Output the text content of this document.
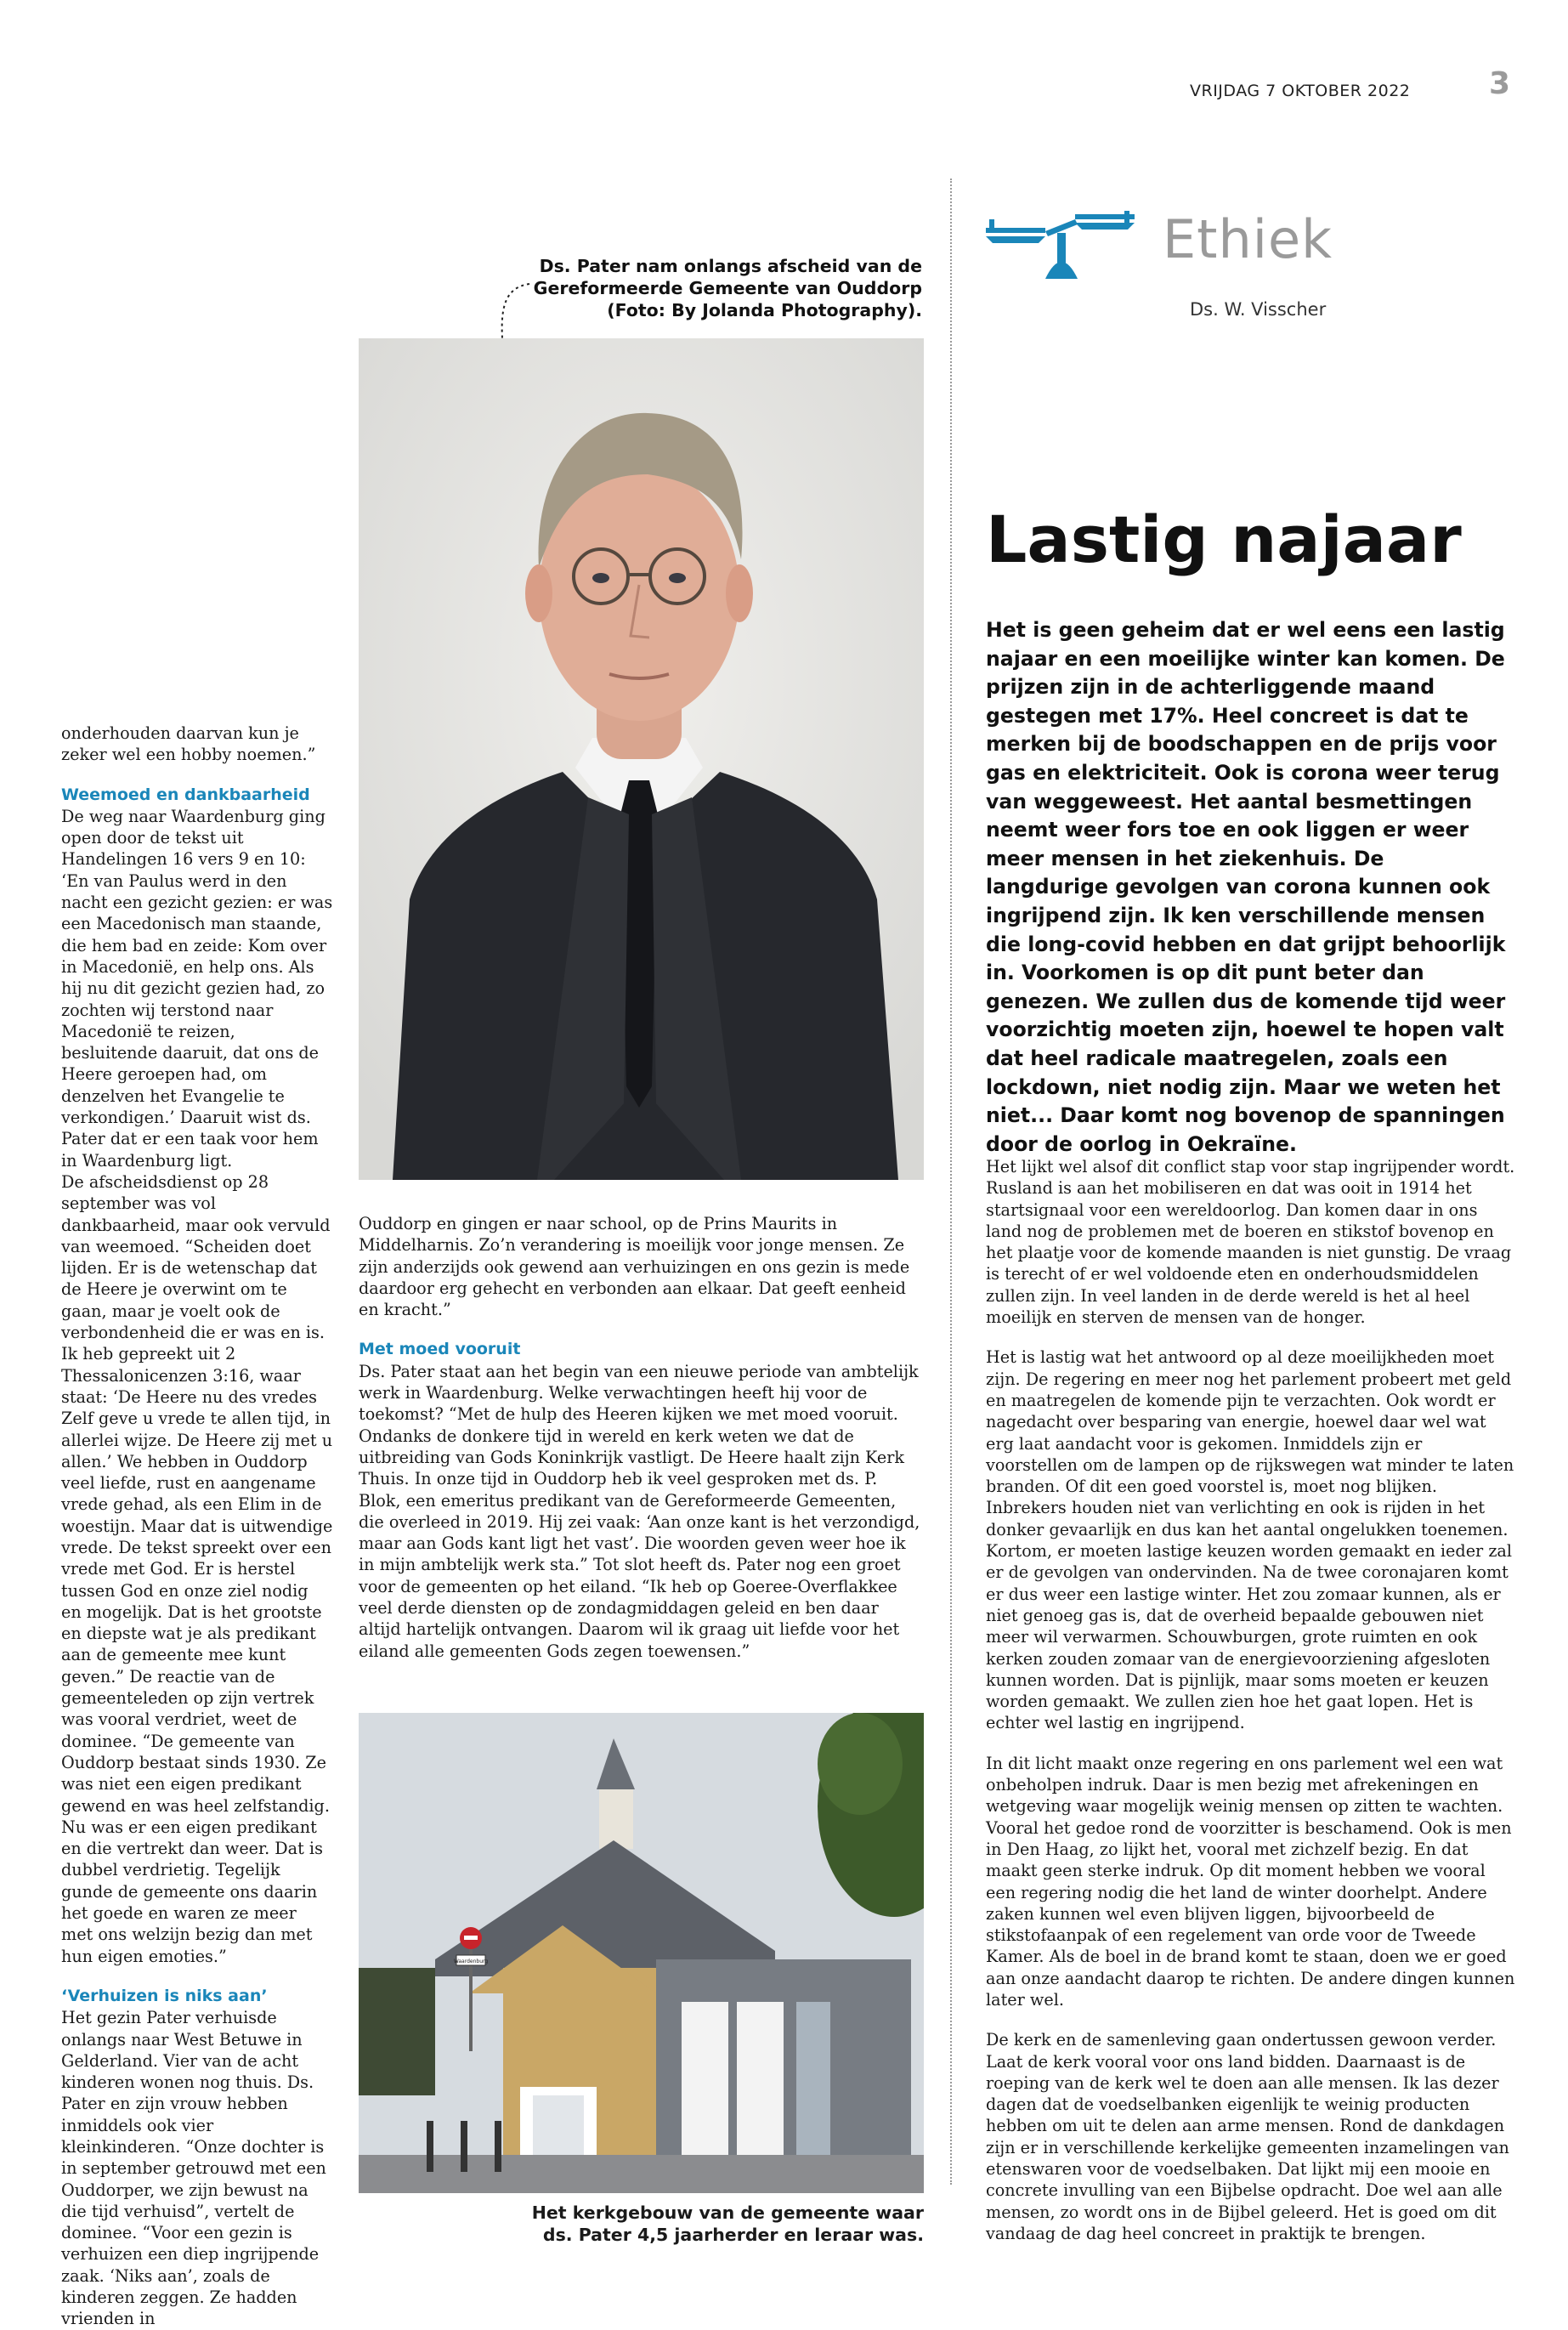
VRIJDAG 7 OKTOBER 2022	3
Ds. Pater nam onlangs afscheid van de Gereformeerde Gemeente van Ouddorp (Foto: By Jolanda Photography).
Waardenburg
Het kerkgebouw van de gemeente waar ds. Pater 4,5 jaarherder en leraar was.

onderhouden daarvan kun je zeker wel een hobby noemen.”

Weemoed en dankbaarheid

De weg naar Waardenburg ging open door de tekst uit Handelingen 16 vers 9 en 10: ‘En van Paulus werd in den nacht een gezicht gezien: er was een Macedonisch man staande, die hem bad en zeide: Kom over in Macedonië, en help ons. Als hij nu dit gezicht gezien had, zo zochten wij terstond naar Macedonië te reizen, besluitende daaruit, dat ons de Heere geroepen had, om denzelven het Evangelie te verkondigen.’ Daaruit wist ds. Pater dat er een taak voor hem in Waardenburg ligt.

De afscheidsdienst op 28 september was vol dankbaarheid, maar ook vervuld van weemoed. “Scheiden doet lijden. Er is de wetenschap dat de Heere je overwint om te gaan, maar je voelt ook de verbondenheid die er was en is. Ik heb gepreekt uit 2 Thessalonicenzen 3:16, waar staat: ‘De Heere nu des vredes Zelf geve u vrede te allen tijd, in allerlei wijze. De Heere zij met u allen.’ We hebben in Ouddorp veel liefde, rust en aangename vrede gehad, als een Elim in de woestijn. Maar dat is uitwendige vrede. De tekst spreekt over een vrede met God. Er is herstel tussen God en onze ziel nodig en mogelijk. Dat is het grootste en diepste wat je als predikant aan de gemeente mee kunt geven.” De reactie van de gemeenteleden op zijn vertrek was vooral verdriet, weet de dominee. “De gemeente van Ouddorp bestaat sinds 1930. Ze was niet een eigen predikant gewend en was heel zelfstandig. Nu was er een eigen predikant en die vertrekt dan weer. Dat is dubbel verdrietig. Tegelijk gunde de gemeente ons daarin het goede en waren ze meer met ons welzijn bezig dan met hun eigen emoties.”

‘Verhuizen is niks aan’

Het gezin Pater verhuisde onlangs naar West Betuwe in Gelderland. Vier van de acht kinderen wonen nog thuis. Ds. Pater en zijn vrouw hebben inmiddels ook vier kleinkinderen. “Onze dochter is in september getrouwd met een Ouddorper, we zijn bewust na die tijd verhuisd”, vertelt de dominee. “Voor een gezin is verhuizen een diep ingrijpende zaak. ‘Niks aan’, zoals de kinderen zeggen. Ze hadden vrienden in

Ouddorp en gingen er naar school, op de Prins Maurits in Middelharnis. Zo’n verandering is moeilijk voor jonge mensen. Ze zijn anderzijds ook gewend aan verhuizingen en ons gezin is mede daardoor erg gehecht en verbonden aan elkaar. Dat geeft eenheid en kracht.”

Met moed vooruit

Ds. Pater staat aan het begin van een nieuwe periode van ambtelijk werk in Waardenburg. Welke verwachtingen heeft hij voor de toekomst? “Met de hulp des Heeren kijken we met moed vooruit. Ondanks de donkere tijd in wereld en kerk weten we dat de uitbreiding van Gods Koninkrijk vastligt. De Heere haalt zijn Kerk Thuis. In onze tijd in Ouddorp heb ik veel gesproken met ds. P. Blok, een emeritus predikant van de Gereformeerde Gemeenten, die overleed in 2019. Hij zei vaak: ‘Aan onze kant is het verzondigd, maar aan Gods kant ligt het vast’. Die woorden geven weer hoe ik in mijn ambtelijk werk sta.” Tot slot heeft ds. Pater nog een groet voor de gemeenten op het eiland. “Ik heb op Goeree-Overflakkee veel derde diensten op de zondagmiddagen geleid en ben daar altijd hartelijk ontvangen. Daarom wil ik graag uit liefde voor het eiland alle gemeenten Gods zegen toewensen.”

Ethiek
Ds. W. Visscher
Lastig najaar
Het is geen geheim dat er wel eens een lastig najaar en een moeilijke winter kan komen. De prijzen zijn in de achterliggende maand gestegen met 17%. Heel concreet is dat te merken bij de boodschappen en de prijs voor gas en elektriciteit. Ook is corona weer terug van weggeweest. Het aantal besmettingen neemt weer fors toe en ook liggen er weer meer mensen in het ziekenhuis. De langdurige gevolgen van corona kunnen ook ingrijpend zijn. Ik ken verschillende mensen die long-covid hebben en dat grijpt behoorlijk in. Voorkomen is op dit punt beter dan genezen. We zullen dus de komende tijd weer voorzichtig moeten zijn, hoewel te hopen valt dat heel radicale maatregelen, zoals een lockdown, niet nodig zijn. Maar we weten het niet... Daar komt nog bovenop de spanningen door de oorlog in Oekraïne.

Het lijkt wel alsof dit conflict stap voor stap ingrijpender wordt. Rusland is aan het mobiliseren en dat was ooit in 1914 het startsignaal voor een wereldoorlog. Dan komen daar in ons land nog de problemen met de boeren en stikstof bovenop en het plaatje voor de komende maanden is niet gunstig. De vraag is terecht of er wel voldoende eten en onderhoudsmiddelen zullen zijn. In veel landen in de derde wereld is het al heel moeilijk en sterven de mensen van de honger.

Het is lastig wat het antwoord op al deze moeilijkheden moet zijn. De regering en meer nog het parlement probeert met geld en maatregelen de komende pijn te verzachten. Ook wordt er nagedacht over besparing van energie, hoewel daar wel wat erg laat aandacht voor is gekomen. Inmiddels zijn er voorstellen om de lampen op de rijkswegen wat minder te laten branden. Of dit een goed voorstel is, moet nog blijken. Inbrekers houden niet van verlichting en ook is rijden in het donker gevaarlijk en dus kan het aantal ongelukken toenemen. Kortom, er moeten lastige keuzen worden gemaakt en ieder zal er de gevolgen van ondervinden. Na de twee coronajaren komt er dus weer een lastige winter. Het zou zomaar kunnen, als er niet genoeg gas is, dat de overheid bepaalde gebouwen niet meer wil verwarmen. Schouwburgen, grote ruimten en ook kerken zouden zomaar van de energievoorziening afgesloten kunnen worden. Dat is pijnlijk, maar soms moeten er keuzen worden gemaakt. We zullen zien hoe het gaat lopen. Het is echter wel lastig en ingrijpend.

In dit licht maakt onze regering en ons parlement wel een wat onbeholpen indruk. Daar is men bezig met afrekeningen en wetgeving waar mogelijk weinig mensen op zitten te wachten. Vooral het gedoe rond de voorzitter is beschamend. Ook is men in Den Haag, zo lijkt het, vooral met zichzelf bezig. En dat maakt geen sterke indruk. Op dit moment hebben we vooral een regering nodig die het land de winter doorhelpt. Andere zaken kunnen wel even blijven liggen, bijvoorbeeld de stikstofaanpak of een regelement van orde voor de Tweede Kamer. Als de boel in de brand komt te staan, doen we er goed aan onze aandacht daarop te richten. De andere dingen kunnen later wel.

De kerk en de samenleving gaan ondertussen gewoon verder. Laat de kerk vooral voor ons land bidden. Daarnaast is de roeping van de kerk wel te doen aan alle mensen. Ik las dezer dagen dat de voedselbanken eigenlijk te weinig producten hebben om uit te delen aan arme mensen. Rond de dankdagen zijn er in verschillende kerkelijke gemeenten inzamelingen van etenswaren voor de voedselbaken. Dat lijkt mij een mooie en concrete invulling van een Bijbelse opdracht. Doe wel aan alle mensen, zo wordt ons in de Bijbel geleerd. Het is goed om dit vandaag de dag heel concreet in praktijk te brengen.
